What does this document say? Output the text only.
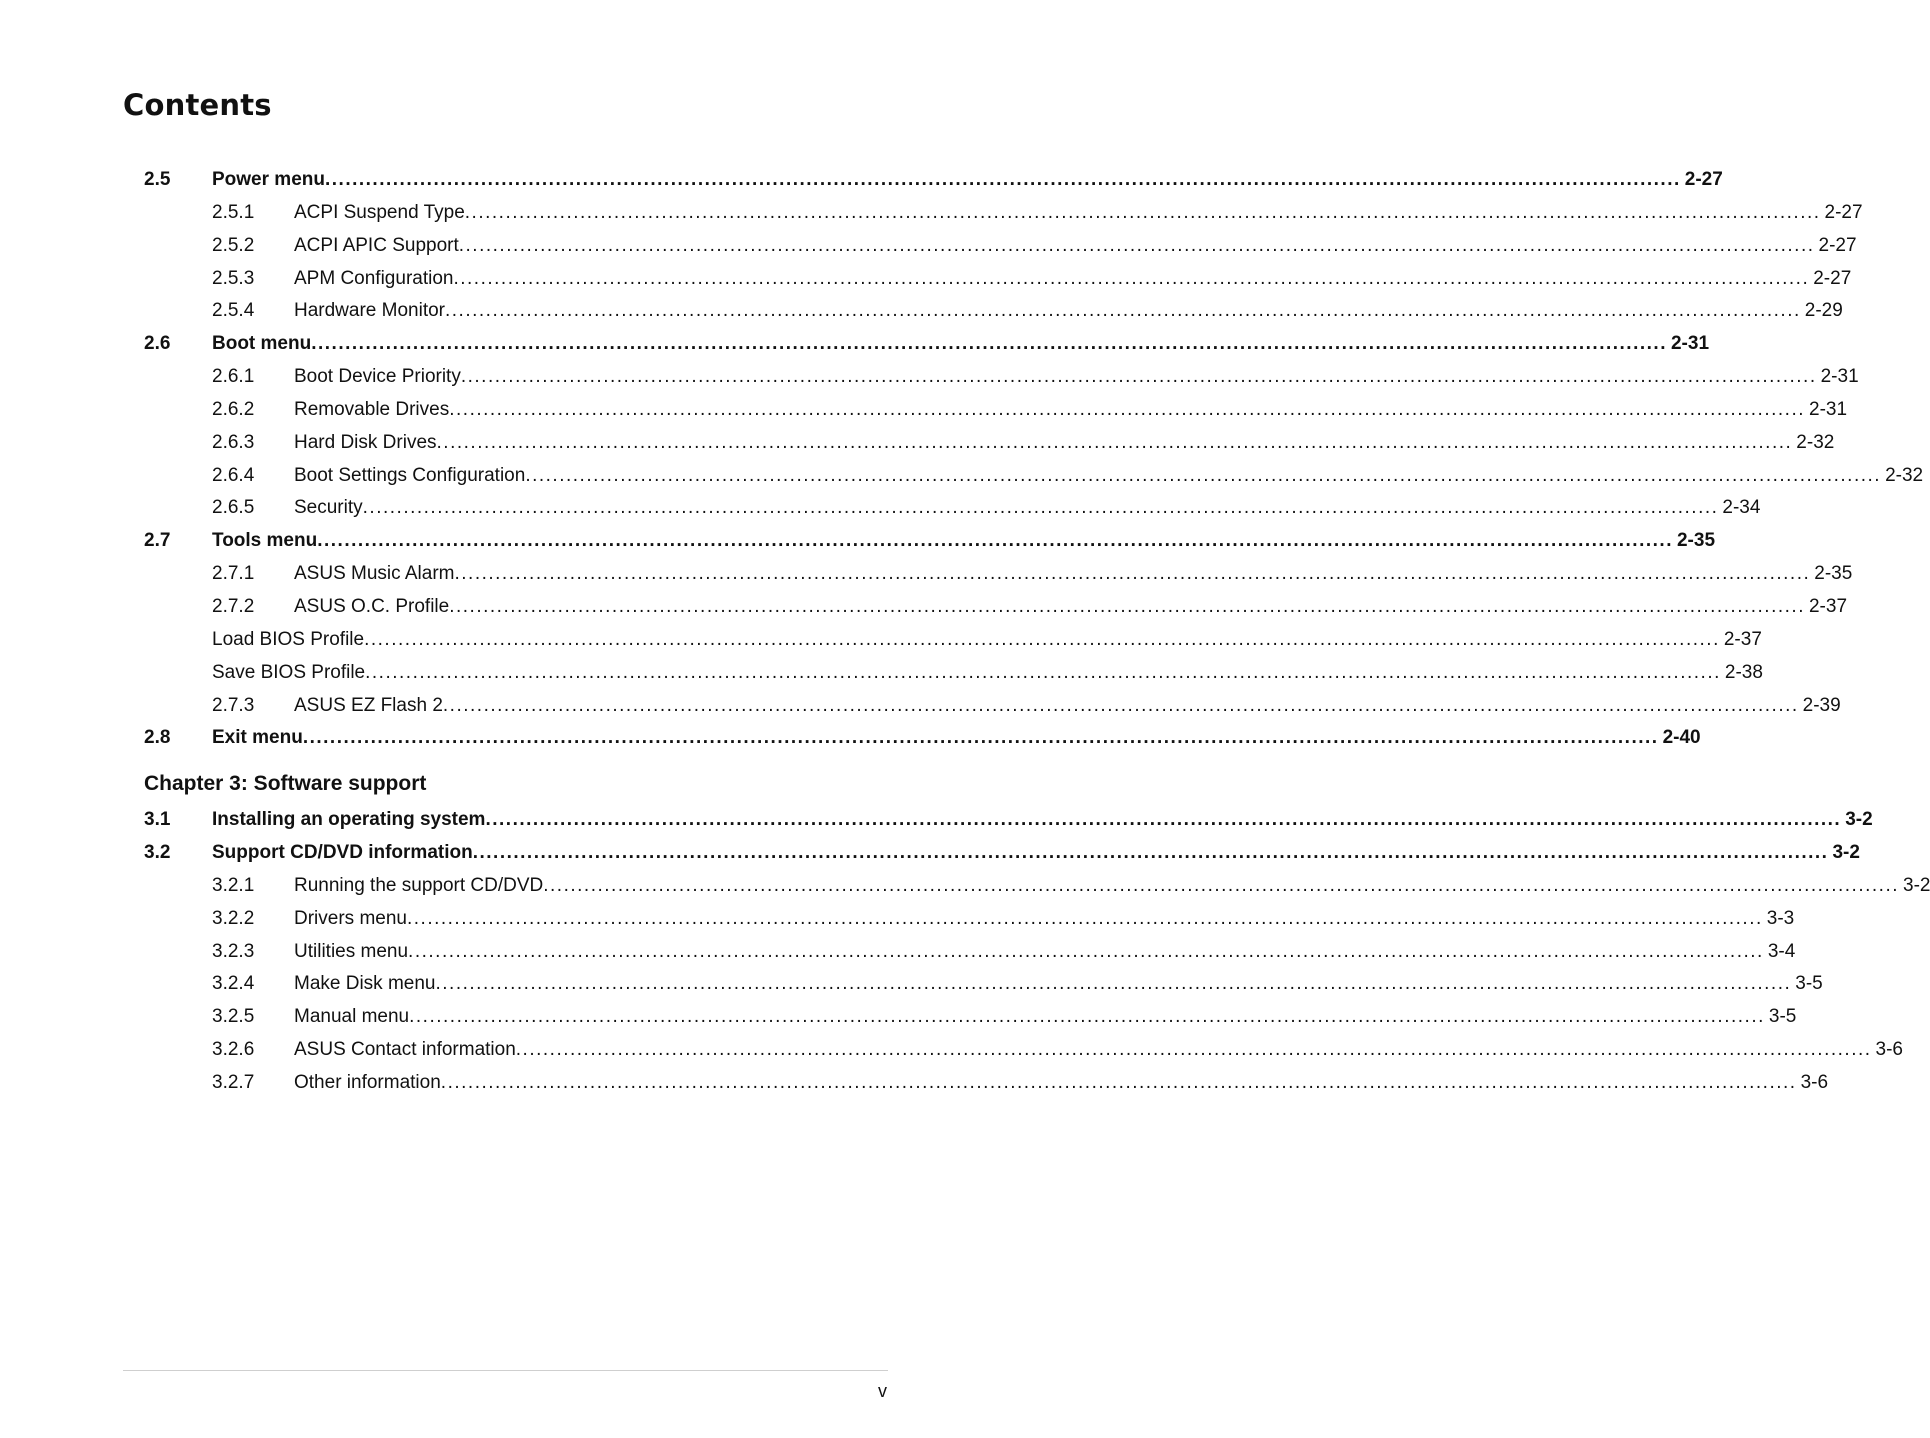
Contents
2.5 Power menu ........................................................................................................................................................................................................ 2-27
2.5.1 ACPI Suspend Type ........................................................................................................................................................................................................ 2-27
2.5.2 ACPI APIC Support ........................................................................................................................................................................................................ 2-27
2.5.3 APM Configuration ........................................................................................................................................................................................................ 2-27
2.5.4 Hardware Monitor ........................................................................................................................................................................................................ 2-29
2.6 Boot menu ........................................................................................................................................................................................................ 2-31
2.6.1 Boot Device Priority ........................................................................................................................................................................................................ 2-31
2.6.2 Removable Drives ........................................................................................................................................................................................................ 2-31
2.6.3 Hard Disk Drives ........................................................................................................................................................................................................ 2-32
2.6.4 Boot Settings Configuration ........................................................................................................................................................................................................ 2-32
2.6.5 Security ........................................................................................................................................................................................................ 2-34
2.7 Tools menu ........................................................................................................................................................................................................ 2-35
2.7.1 ASUS Music Alarm ........................................................................................................................................................................................................ 2-35
2.7.2 ASUS O.C. Profile ........................................................................................................................................................................................................ 2-37
Load BIOS Profile ........................................................................................................................................................................................................ 2-37
Save BIOS Profile ........................................................................................................................................................................................................ 2-38
2.7.3 ASUS EZ Flash 2 ........................................................................................................................................................................................................ 2-39
2.8 Exit menu ........................................................................................................................................................................................................ 2-40
Chapter 3: Software support
3.1 Installing an operating system ........................................................................................................................................................................................................ 3-2
3.2 Support CD/DVD information ........................................................................................................................................................................................................ 3-2
3.2.1 Running the support CD/DVD ........................................................................................................................................................................................................ 3-2
3.2.2 Drivers menu ........................................................................................................................................................................................................ 3-3
3.2.3 Utilities menu ........................................................................................................................................................................................................ 3-4
3.2.4 Make Disk menu ........................................................................................................................................................................................................ 3-5
3.2.5 Manual menu ........................................................................................................................................................................................................ 3-5
3.2.6 ASUS Contact information ........................................................................................................................................................................................................ 3-6
3.2.7 Other information ........................................................................................................................................................................................................ 3-6
v
